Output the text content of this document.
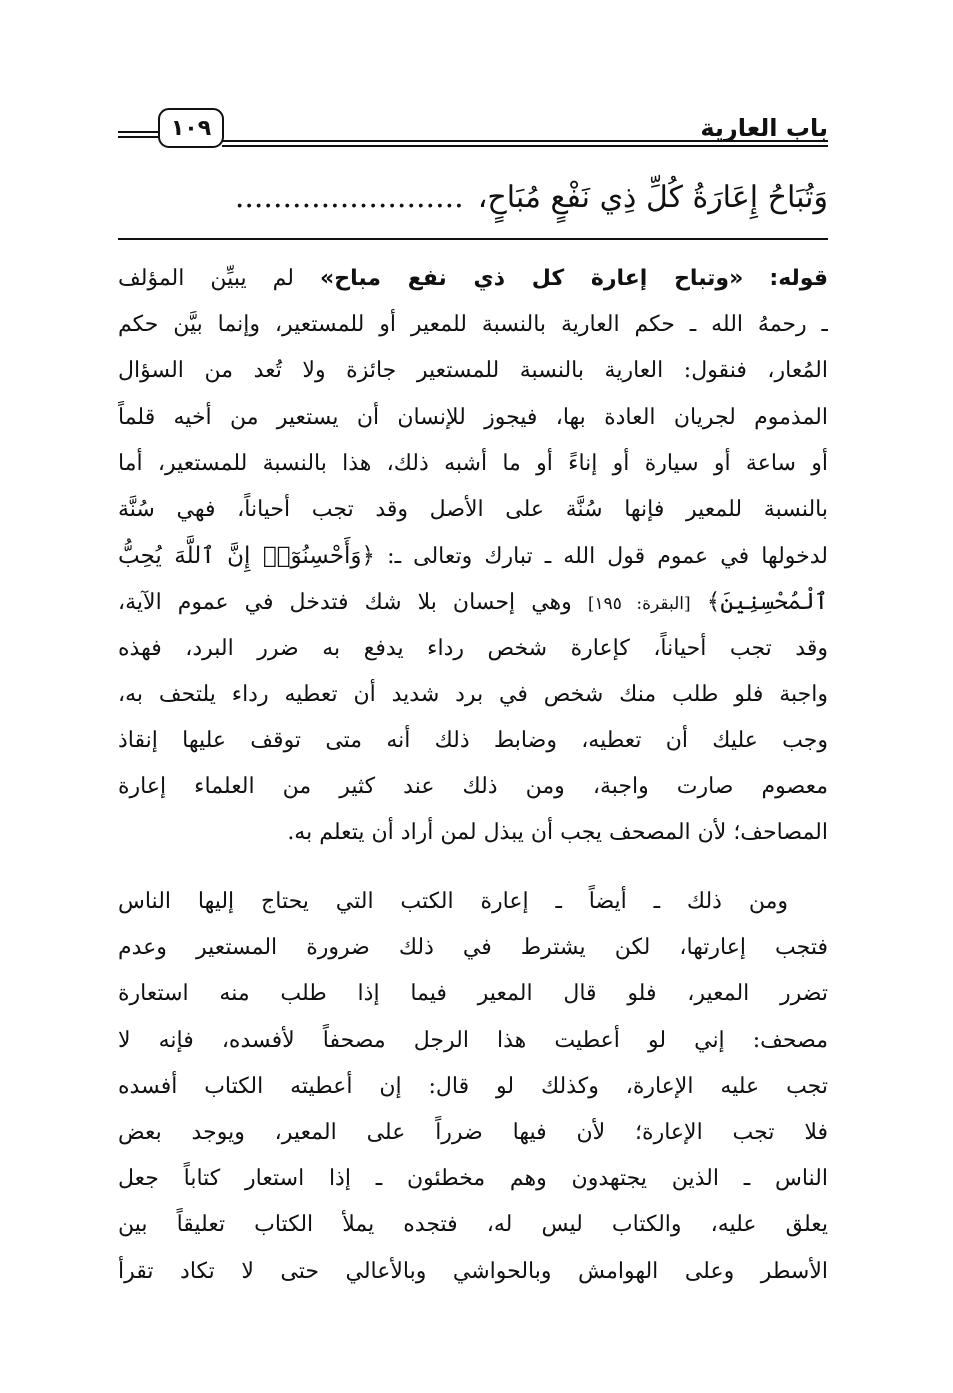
١٠٩	باب العارية
وَتُبَاحُ إِعَارَةُ كُلِّ ذِي نَفْعٍ مُبَاحٍ،........................
قوله: «وتباح إعارة كل ذي نفع مباح» لم يبيِّن المؤلف
ـ رحمهُ الله ـ حكم العارية بالنسبة للمعير أو للمستعير، وإنما بيَّن حكم
المُعار، فنقول: العارية بالنسبة للمستعير جائزة ولا تُعد من السؤال
المذموم لجريان العادة بها، فيجوز للإنسان أن يستعير من أخيه قلماً
أو ساعة أو سيارة أو إناءً أو ما أشبه ذلك، هذا بالنسبة للمستعير، أما
بالنسبة للمعير فإنها سُنَّة على الأصل وقد تجب أحياناً، فهي سُنَّة
لدخولها في عموم قول الله ـ تبارك وتعالى ـ: ﴿وَأَحْسِنُوٓا۟ إِنَّ ٱللَّهَ يُحِبُّ
ٱلْمُحْسِنِينَ﴾ [البقرة: ١٩٥] وهي إحسان بلا شك فتدخل في عموم الآية،
وقد تجب أحياناً، كإعارة شخص رداء يدفع به ضرر البرد، فهذه
واجبة فلو طلب منك شخص في برد شديد أن تعطيه رداء يلتحف به،
وجب عليك أن تعطيه، وضابط ذلك أنه متى توقف عليها إنقاذ
معصوم صارت واجبة، ومن ذلك عند كثير من العلماء إعارة
المصاحف؛ لأن المصحف يجب أن يبذل لمن أراد أن يتعلم به.
ومن ذلك ـ أيضاً ـ إعارة الكتب التي يحتاج إليها الناس
فتجب إعارتها، لكن يشترط في ذلك ضرورة المستعير وعدم
تضرر المعير، فلو قال المعير فيما إذا طلب منه استعارة
مصحف: إني لو أعطيت هذا الرجل مصحفاً لأفسده، فإنه لا
تجب عليه الإعارة، وكذلك لو قال: إن أعطيته الكتاب أفسده
فلا تجب الإعارة؛ لأن فيها ضرراً على المعير، ويوجد بعض
الناس ـ الذين يجتهدون وهم مخطئون ـ إذا استعار كتاباً جعل
يعلق عليه، والكتاب ليس له، فتجده يملأ الكتاب تعليقاً بين
الأسطر وعلى الهوامش وبالحواشي وبالأعالي حتى لا تكاد تقرأ
